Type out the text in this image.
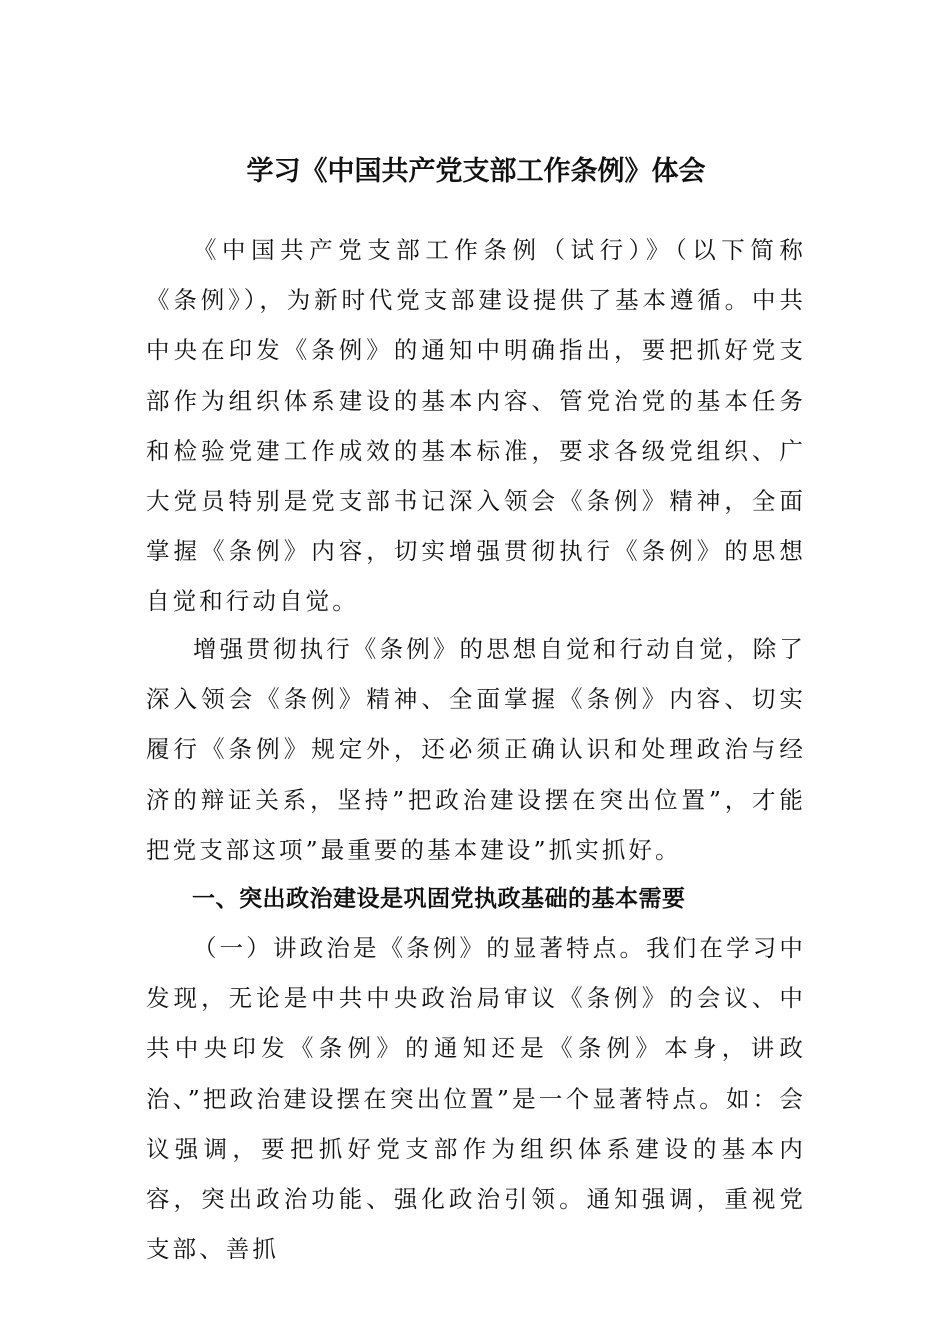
学习《中国共产党支部工作条例》体会

《中国共产党支部工作条例（试行）》（以下简称《条例》），为新时代党支部建设提供了基本遵循。中共中央在印发《条例》的通知中明确指出，要把抓好党支部作为组织体系建设的基本内容、管党治党的基本任务和检验党建工作成效的基本标准，要求各级党组织、广大党员特别是党支部书记深入领会《条例》精神，全面掌握《条例》内容，切实增强贯彻执行《条例》的思想自觉和行动自觉。

增强贯彻执行《条例》的思想自觉和行动自觉，除了深入领会《条例》精神、全面掌握《条例》内容、切实履行《条例》规定外，还必须正确认识和处理政治与经济的辩证关系，坚持”把政治建设摆在突出位置”，才能把党支部这项”最重要的基本建设”抓实抓好。

一、突出政治建设是巩固党执政基础的基本需要

（一）讲政治是《条例》的显著特点。我们在学习中发现，无论是中共中央政治局审议《条例》的会议、中共中央印发《条例》的通知还是《条例》本身，讲政治、”把政治建设摆在突出位置”是一个显著特点。如：会议强调，要把抓好党支部作为组织体系建设的基本内容，突出政治功能、强化政治引领。通知强调，重视党支部、善抓
